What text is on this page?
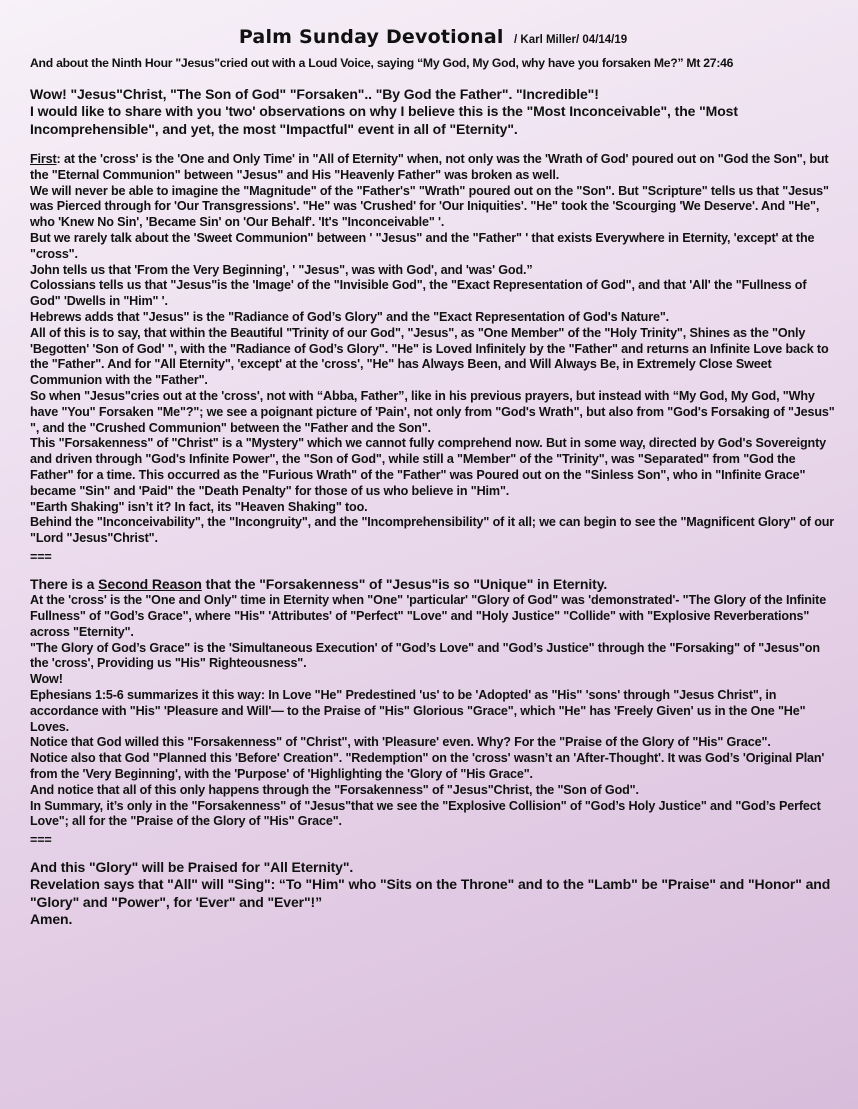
Palm Sunday Devotional / Karl Miller/ 04/14/19

And about the Ninth Hour "Jesus"cried out with a Loud Voice, saying “My God, My God, why have you forsaken Me?” Mt 27:46

Wow! "Jesus"Christ, "The Son of God" "Forsaken".. "By God the Father". "Incredible"!

I would like to share with you 'two' observations on why I believe this is the "Most Inconceivable", the "Most Incomprehensible", and yet, the most "Impactful" event in all of "Eternity".

First: at the 'cross' is the 'One and Only Time' in "All of Eternity" when, not only was the 'Wrath of God' poured out on "God the Son", but the "Eternal Communion" between "Jesus" and His "Heavenly Father" was broken as well.

We will never be able to imagine the "Magnitude" of the "Father's" "Wrath" poured out on the "Son". But "Scripture" tells us that "Jesus" was Pierced through for 'Our Transgressions'. "He" was 'Crushed' for 'Our Iniquities'. "He" took the 'Scourging 'We Deserve'. And "He", who 'Knew No Sin', 'Became Sin' on 'Our Behalf'. 'It's "Inconceivable" '.

But we rarely talk about the 'Sweet Communion" between ' "Jesus" and the "Father" ' that exists Everywhere in Eternity, 'except' at the "cross".

John tells us that 'From the Very Beginning', ' "Jesus", was with God', and 'was' God.”

Colossians tells us that "Jesus"is the 'Image' of the "Invisible God", the "Exact Representation of God", and that 'All' the "Fullness of God" 'Dwells in "Him" '.

Hebrews adds that "Jesus" is the "Radiance of God’s Glory" and the "Exact Representation of God's Nature".

All of this is to say, that within the Beautiful "Trinity of our God", "Jesus", as "One Member" of the "Holy Trinity", Shines as the "Only 'Begotten' 'Son of God' ", with the "Radiance of God’s Glory". "He" is Loved Infinitely by the "Father" and returns an Infinite Love back to the "Father". And for "All Eternity", 'except' at the 'cross', "He" has Always Been, and Will Always Be, in Extremely Close Sweet Communion with the "Father".

So when "Jesus"cries out at the 'cross', not with “Abba, Father”, like in his previous prayers, but instead with “My God, My God, "Why have "You" Forsaken "Me"?"; we see a poignant picture of 'Pain', not only from "God's Wrath", but also from "God's Forsaking of "Jesus" ", and the "Crushed Communion" between the "Father and the Son".

This "Forsakenness" of "Christ" is a "Mystery" which we cannot fully comprehend now. But in some way, directed by God's Sovereignty and driven through "God's Infinite Power", the "Son of God", while still a "Member" of the "Trinity", was "Separated" from "God the Father" for a time. This occurred as the "Furious Wrath" of the "Father" was Poured out on the "Sinless Son", who in "Infinite Grace" became "Sin" and 'Paid" the "Death Penalty" for those of us who believe in "Him".

"Earth Shaking" isn’t it? In fact, its "Heaven Shaking" too.

Behind the "Inconceivability", the "Incongruity", and the "Incomprehensibility" of it all; we can begin to see the "Magnificent Glory" of our "Lord "Jesus"Christ".

===

There is a Second Reason that the "Forsakenness" of "Jesus"is so "Unique" in Eternity.

At the 'cross' is the "One and Only" time in Eternity when "One" 'particular' "Glory of God" was 'demonstrated'- "The Glory of the Infinite Fullness" of "God’s Grace", where "His" 'Attributes' of "Perfect" "Love" and "Holy Justice" "Collide" with "Explosive Reverberations" across "Eternity".

"The Glory of God’s Grace" is the 'Simultaneous Execution' of "God’s Love" and "God’s Justice" through the "Forsaking" of "Jesus"on the 'cross', Providing us "His" Righteousness".

Wow!

Ephesians 1:5-6 summarizes it this way: In Love "He" Predestined 'us' to be 'Adopted' as "His" 'sons' through "Jesus Christ", in accordance with "His" 'Pleasure and Will'— to the Praise of "His" Glorious "Grace", which "He" has 'Freely Given' us in the One "He" Loves.

Notice that God willed this "Forsakenness" of "Christ", with 'Pleasure' even. Why? For the "Praise of the Glory of "His" Grace".

Notice also that God "Planned this 'Before' Creation". "Redemption" on the 'cross' wasn’t an 'After-Thought'. It was God’s 'Original Plan' from the 'Very Beginning', with the 'Purpose' of 'Highlighting the 'Glory of "His Grace".

And notice that all of this only happens through the "Forsakenness" of "Jesus"Christ, the "Son of God".

In Summary, it’s only in the "Forsakenness" of "Jesus"that we see the "Explosive Collision" of "God’s Holy Justice" and "God’s Perfect Love"; all for the "Praise of the Glory of "His" Grace".

===

And this "Glory" will be Praised for "All Eternity".

Revelation says that "All" will "Sing": “To "Him" who "Sits on the Throne" and to the "Lamb" be "Praise" and "Honor" and "Glory" and "Power", for 'Ever" and "Ever"!”

Amen.
